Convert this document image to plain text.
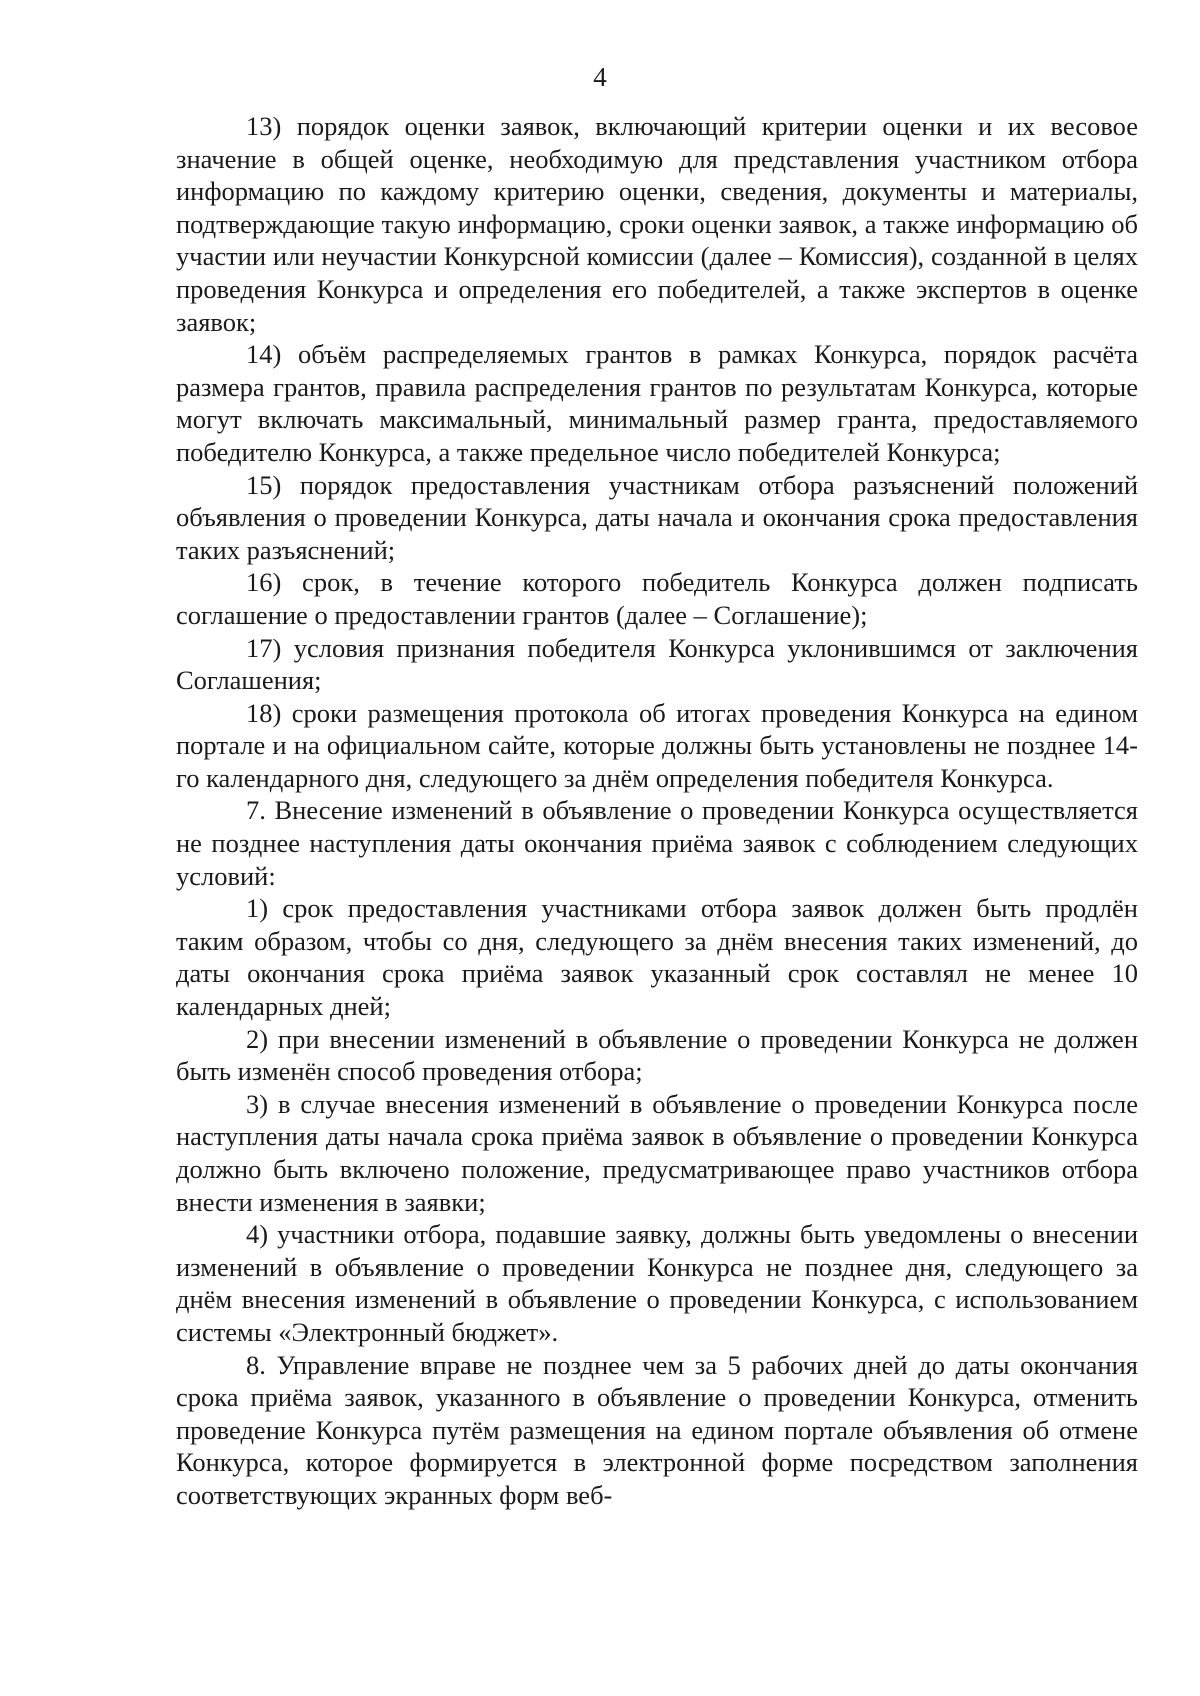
4

13) порядок оценки заявок, включающий критерии оценки и их весовое значение в общей оценке, необходимую для представления участником отбора информацию по каждому критерию оценки, сведения, документы и материалы, подтверждающие такую информацию, сроки оценки заявок, а также информацию об участии или неучастии Конкурсной комиссии (далее – Комиссия), созданной в целях проведения Конкурса и определения его победителей, а также экспертов в оценке заявок;

14) объём распределяемых грантов в рамках Конкурса, порядок расчёта размера грантов, правила распределения грантов по результатам Конкурса, которые могут включать максимальный, минимальный размер гранта, предоставляемого победителю Конкурса, а также предельное число победителей Конкурса;

15) порядок предоставления участникам отбора разъяснений положений объявления о проведении Конкурса, даты начала и окончания срока предоставления таких разъяснений;

16) срок, в течение которого победитель Конкурса должен подписать соглашение о предоставлении грантов (далее – Соглашение);

17) условия признания победителя Конкурса уклонившимся от заключения Соглашения;

18) сроки размещения протокола об итогах проведения Конкурса на едином портале и на официальном сайте, которые должны быть установлены не позднее 14-го календарного дня, следующего за днём определения победителя Конкурса.

7. Внесение изменений в объявление о проведении Конкурса осуществляется не позднее наступления даты окончания приёма заявок с соблюдением следующих условий:

1) срок предоставления участниками отбора заявок должен быть продлён таким образом, чтобы со дня, следующего за днём внесения таких изменений, до даты окончания срока приёма заявок указанный срок составлял не менее 10 календарных дней;

2) при внесении изменений в объявление о проведении Конкурса не должен быть изменён способ проведения отбора;

3) в случае внесения изменений в объявление о проведении Конкурса после наступления даты начала срока приёма заявок в объявление о проведении Конкурса должно быть включено положение, предусматривающее право участников отбора внести изменения в заявки;

4) участники отбора, подавшие заявку, должны быть уведомлены о внесении изменений в объявление о проведении Конкурса не позднее дня, следующего за днём внесения изменений в объявление о проведении Конкурса, с использованием системы «Электронный бюджет».

8. Управление вправе не позднее чем за 5 рабочих дней до даты окончания срока приёма заявок, указанного в объявление о проведении Конкурса, отменить проведение Конкурса путём размещения на едином портале объявления об отмене Конкурса, которое формируется в электронной форме посредством заполнения соответствующих экранных форм веб-
